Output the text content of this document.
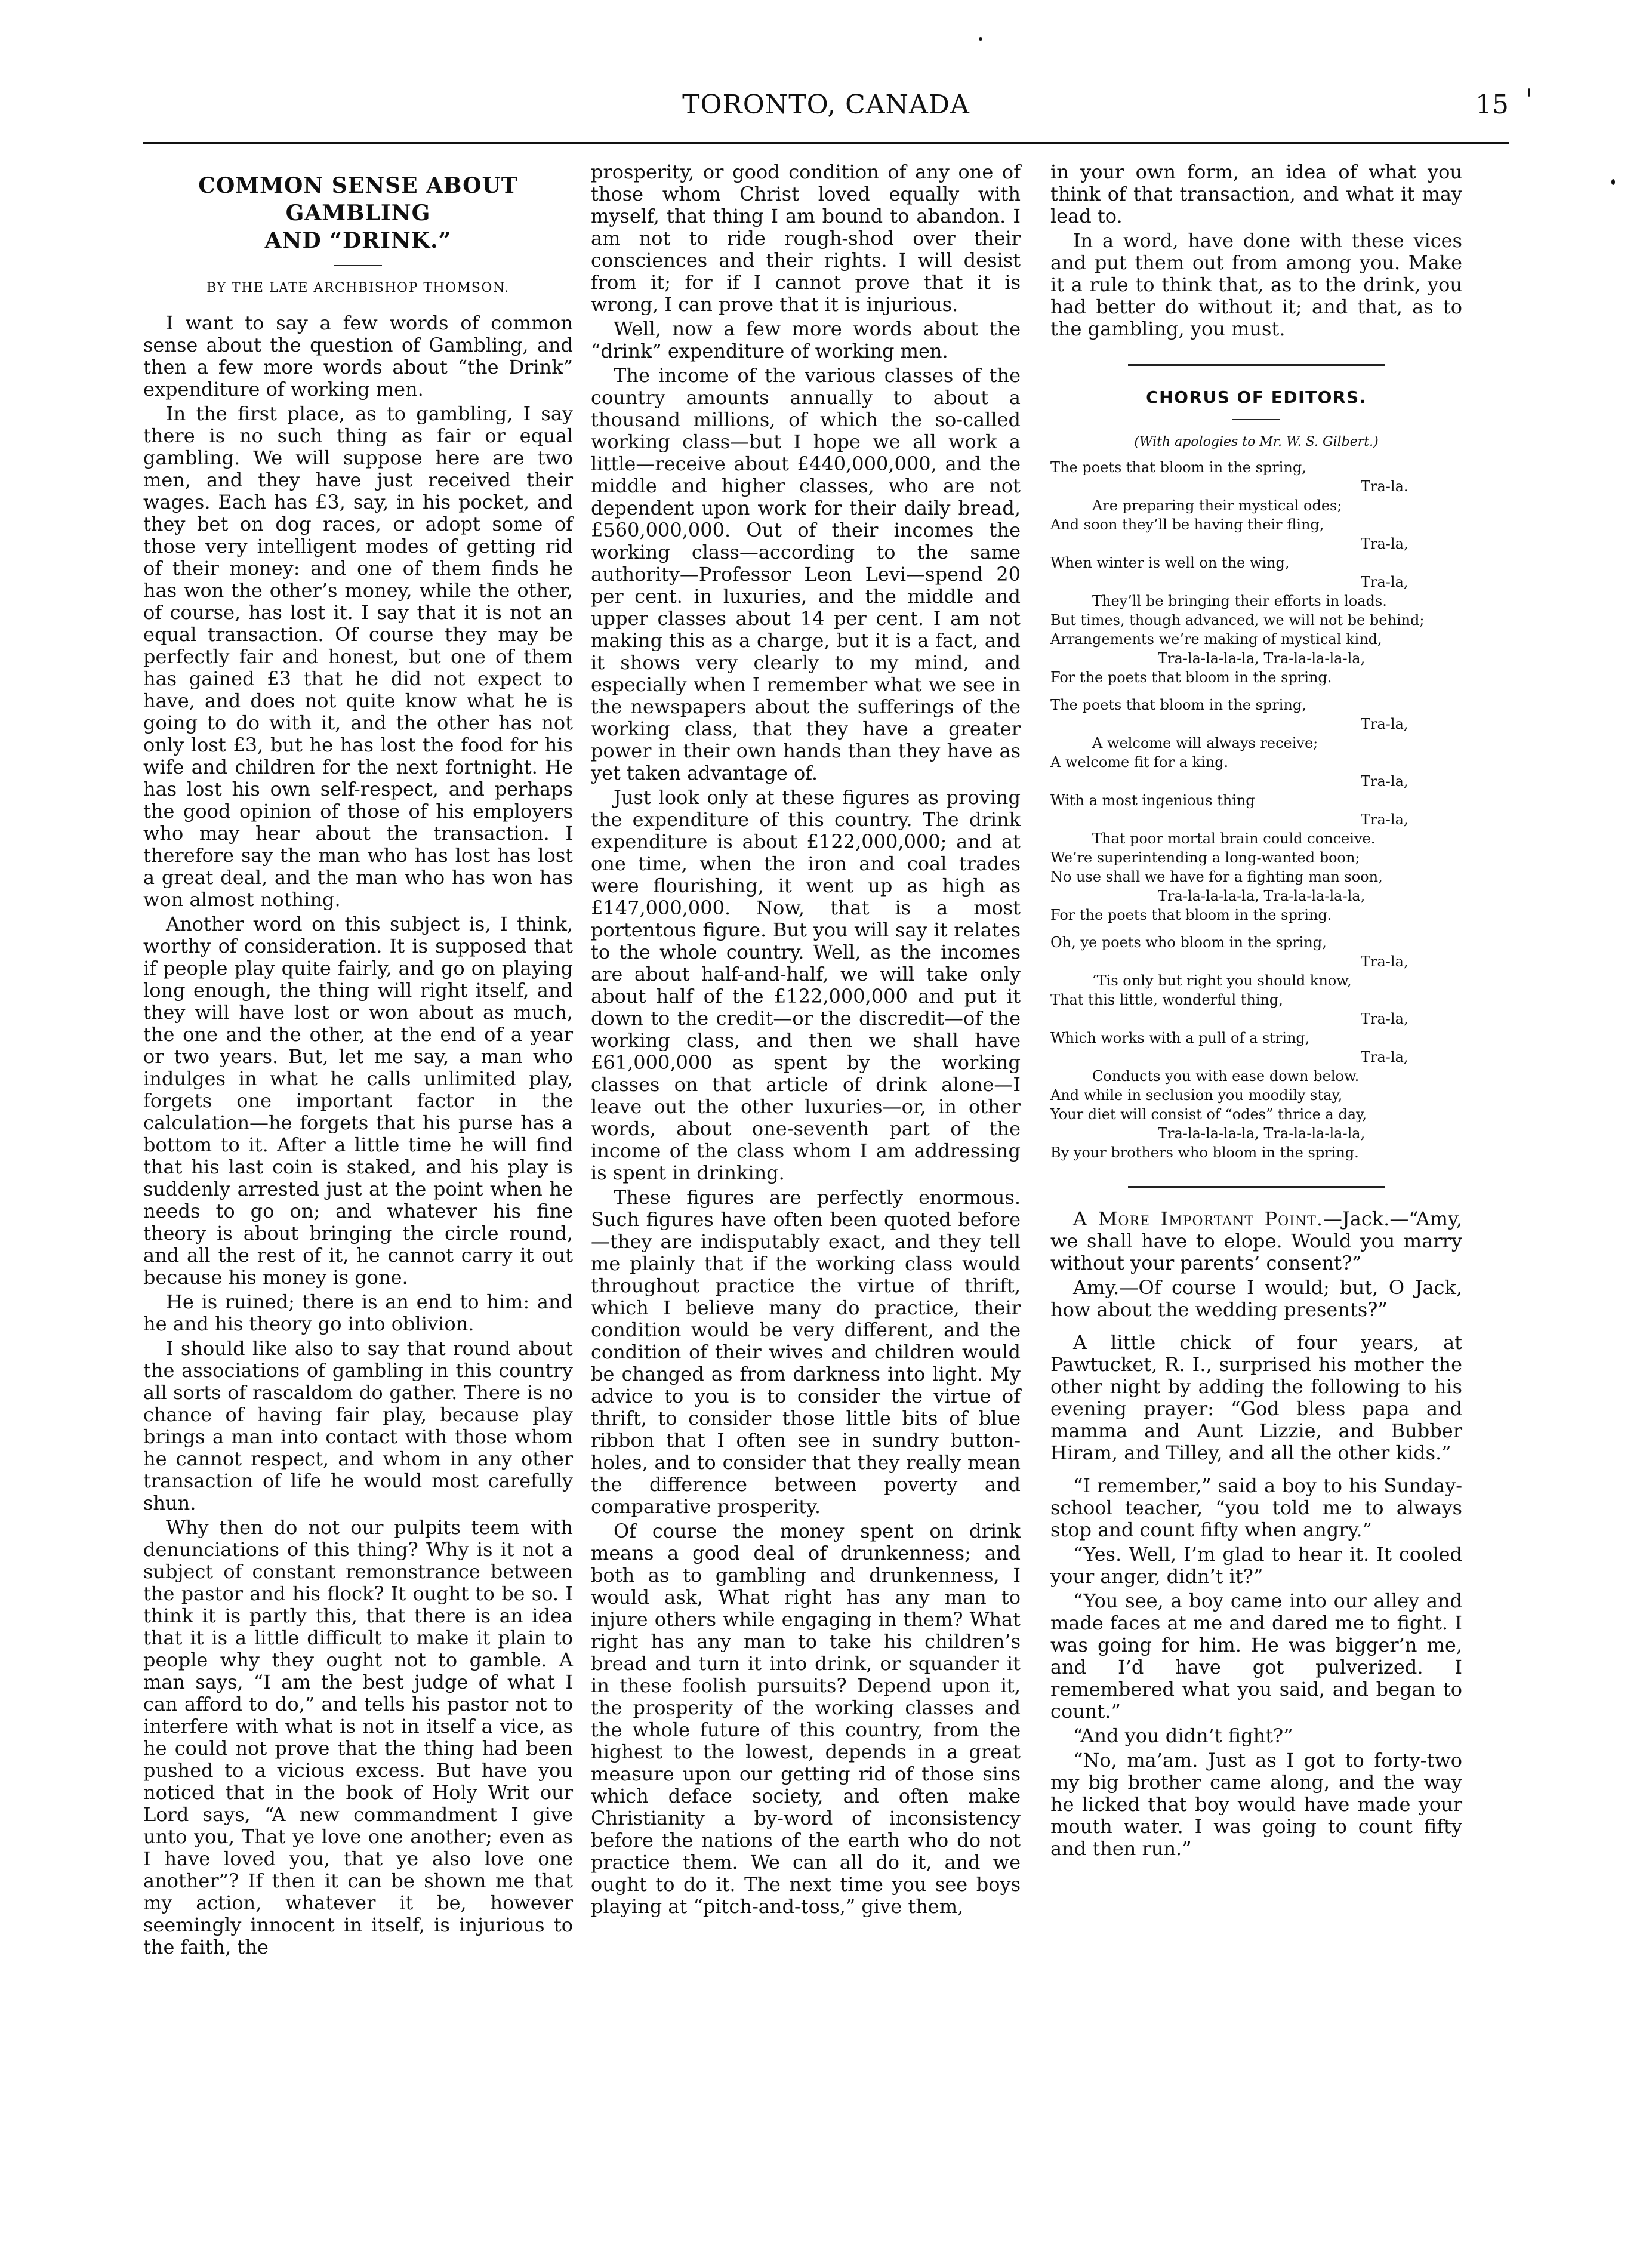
TORONTO, CANADA	15
COMMON SENSE ABOUT GAMBLING
AND “DRINK.”
BY THE LATE ARCHBISHOP THOMSON.

I want to say a few words of common sense about the question of Gambling, and then a few more words about “the Drink” expenditure of working men.

In the first place, as to gambling, I say there is no such thing as fair or equal gambling. We will suppose here are two men, and they have just received their wages. Each has £3, say, in his pocket, and they bet on dog races, or adopt some of those very intelligent modes of getting rid of their money: and one of them finds he has won the other’s money, while the other, of course, has lost it. I say that it is not an equal transaction. Of course they may be perfectly fair and honest, but one of them has gained £3 that he did not expect to have, and does not quite know what he is going to do with it, and the other has not only lost £3, but he has lost the food for his wife and children for the next fortnight. He has lost his own self-respect, and perhaps the good opinion of those of his employers who may hear about the transaction. I therefore say the man who has lost has lost a great deal, and the man who has won has won almost nothing.

Another word on this subject is, I think, worthy of consideration. It is supposed that if people play quite fairly, and go on playing long enough, the thing will right itself, and they will have lost or won about as much, the one and the other, at the end of a year or two years. But, let me say, a man who indulges in what he calls unlimited play, forgets one important factor in the calculation—he forgets that his purse has a bottom to it. After a little time he will find that his last coin is staked, and his play is suddenly arrested just at the point when he needs to go on; and whatever his fine theory is about bringing the circle round, and all the rest of it, he cannot carry it out because his money is gone.

He is ruined; there is an end to him: and he and his theory go into oblivion.

I should like also to say that round about the associations of gambling in this country all sorts of rascaldom do gather. There is no chance of having fair play, because play brings a man into contact with those whom he cannot respect, and whom in any other transaction of life he would most carefully shun.

Why then do not our pulpits teem with denunciations of this thing? Why is it not a subject of constant remonstrance between the pastor and his flock? It ought to be so. I think it is partly this, that there is an idea that it is a little difficult to make it plain to people why they ought not to gamble. A man says, “I am the best judge of what I can afford to do,” and tells his pastor not to interfere with what is not in itself a vice, as he could not prove that the thing had been pushed to a vicious excess. But have you noticed that in the book of Holy Writ our Lord says, “A new commandment I give unto you, That ye love one another; even as I have loved you, that ye also love one another”? If then it can be shown me that my action, whatever it be, however seemingly innocent in itself, is injurious to the faith, the

prosperity, or good condition of any one of those whom Christ loved equally with myself, that thing I am bound to abandon. I am not to ride rough-shod over their consciences and their rights. I will desist from it; for if I cannot prove that it is wrong, I can prove that it is injurious.

Well, now a few more words about the “drink” expenditure of working men.

The income of the various classes of the country amounts annually to about a thousand millions, of which the so-called working class—but I hope we all work a little—receive about £440,000,000, and the middle and higher classes, who are not dependent upon work for their daily bread, £560,000,000. Out of their incomes the working class—according to the same authority—Professor Leon Levi—spend 20 per cent. in luxuries, and the middle and upper classes about 14 per cent. I am not making this as a charge, but it is a fact, and it shows very clearly to my mind, and especially when I remember what we see in the newspapers about the sufferings of the working class, that they have a greater power in their own hands than they have as yet taken advantage of.

Just look only at these figures as proving the expenditure of this country. The drink expenditure is about £122,000,000; and at one time, when the iron and coal trades were flourishing, it went up as high as £147,000,000. Now, that is a most portentous figure. But you will say it relates to the whole country. Well, as the incomes are about half-and-half, we will take only about half of the £122,000,000 and put it down to the credit—or the discredit—of the working class, and then we shall have £61,000,000 as spent by the working classes on that article of drink alone—I leave out the other luxuries—or, in other words, about one-seventh part of the income of the class whom I am addressing is spent in drinking.

These figures are perfectly enormous. Such figures have often been quoted before—they are indisputably exact, and they tell me plainly that if the working class would throughout practice the virtue of thrift, which I believe many do practice, their condition would be very different, and the condition of their wives and children would be changed as from darkness into light. My advice to you is to consider the virtue of thrift, to consider those little bits of blue ribbon that I often see in sundry button-holes, and to consider that they really mean the difference between poverty and comparative prosperity.

Of course the money spent on drink means a good deal of drunkenness; and both as to gambling and drunkenness, I would ask, What right has any man to injure others while engaging in them? What right has any man to take his children’s bread and turn it into drink, or squander it in these foolish pursuits? Depend upon it, the prosperity of the working classes and the whole future of this country, from the highest to the lowest, depends in a great measure upon our getting rid of those sins which deface society, and often make Christianity a by-word of inconsistency before the nations of the earth who do not practice them. We can all do it, and we ought to do it. The next time you see boys playing at “pitch-and-toss,” give them,

in your own form, an idea of what you think of that transaction, and what it may lead to.

In a word, have done with these vices and put them out from among you. Make it a rule to think that, as to the drink, you had better do without it; and that, as to the gambling, you must.

CHORUS OF EDITORS.
(With apologies to Mr. W. S. Gilbert.)
The poets that bloom in the spring,
Tra-la.
Are preparing their mystical odes;
And soon they’ll be having their fling,
Tra-la,
When winter is well on the wing,
Tra-la,
They’ll be bringing their efforts in loads.
But times, though advanced, we will not be behind;
Arrangements we’re making of mystical kind,
Tra-la-la-la-la, Tra-la-la-la-la,
For the poets that bloom in the spring.
The poets that bloom in the spring,
Tra-la,
A welcome will always receive;
A welcome fit for a king.
Tra-la,
With a most ingenious thing
Tra-la,
That poor mortal brain could conceive.
We’re superintending a long-wanted boon;
No use shall we have for a fighting man soon,
Tra-la-la-la-la, Tra-la-la-la-la,
For the poets that bloom in the spring.
Oh, ye poets who bloom in the spring,
Tra-la,
’Tis only but right you should know,
That this little, wonderful thing,
Tra-la,
Which works with a pull of a string,
Tra-la,
Conducts you with ease down below.
And while in seclusion you moodily stay,
Your diet will consist of “odes” thrice a day,
Tra-la-la-la-la, Tra-la-la-la-la,
By your brothers who bloom in the spring.

A More Important Point.—Jack.—“Amy, we shall have to elope. Would you marry without your parents’ consent?”

Amy.—Of course I would; but, O Jack, how about the wedding presents?”

A little chick of four years, at Pawtucket, R. I., surprised his mother the other night by adding the following to his evening prayer: “God bless papa and mamma and Aunt Lizzie, and Bubber Hiram, and Tilley, and all the other kids.”

“I remember,” said a boy to his Sunday-school teacher, “you told me to always stop and count fifty when angry.”

“Yes. Well, I’m glad to hear it. It cooled your anger, didn’t it?”

“You see, a boy came into our alley and made faces at me and dared me to fight. I was going for him. He was bigger’n me, and I’d have got pulverized. I remembered what you said, and began to count.”

“And you didn’t fight?”

“No, ma’am. Just as I got to forty-two my big brother came along, and the way he licked that boy would have made your mouth water. I was going to count fifty and then run.”
